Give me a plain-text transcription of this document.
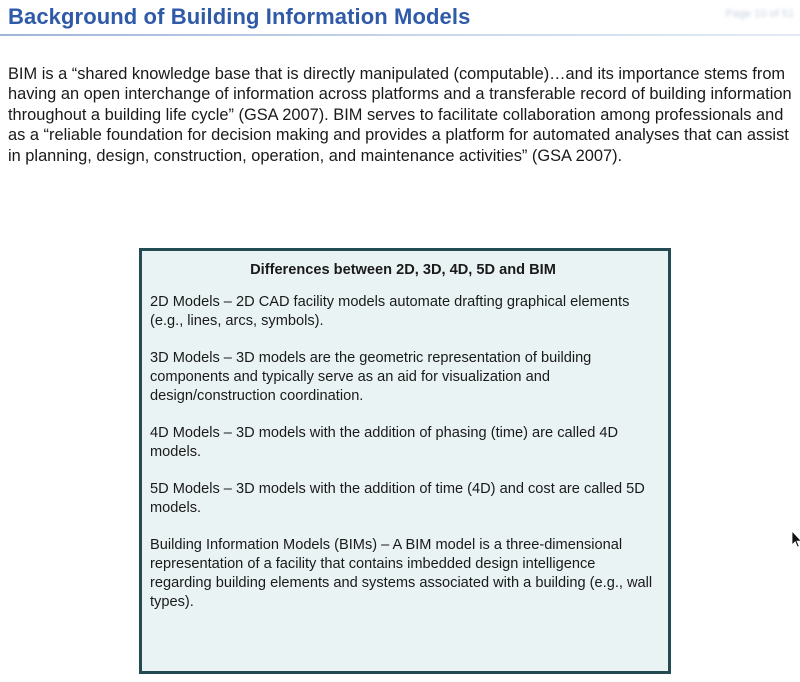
Background of Building Information Models	Page 10 of 51

BIM is a “shared knowledge base that is directly manipulated (computable)…and its importance stems from having an open interchange of information across platforms and a transferable record of building information throughout a building life cycle” (GSA 2007). BIM serves to facilitate collaboration among professionals and as a “reliable foundation for decision making and provides a platform for automated analyses that can assist in planning, design, construction, operation, and maintenance activities” (GSA 2007).

Differences between 2D, 3D, 4D, 5D and BIM

2D Models – 2D CAD facility models automate drafting graphical elements (e.g., lines, arcs, symbols).

3D Models – 3D models are the geometric representation of building components and typically serve as an aid for visualization and design/construction coordination.

4D Models – 3D models with the addition of phasing (time) are called 4D models.

5D Models – 3D models with the addition of time (4D) and cost are called 5D models.

Building Information Models (BIMs) – A BIM model is a three-dimensional representation of a facility that contains imbedded design intelligence regarding building elements and systems associated with a building (e.g., wall types).
